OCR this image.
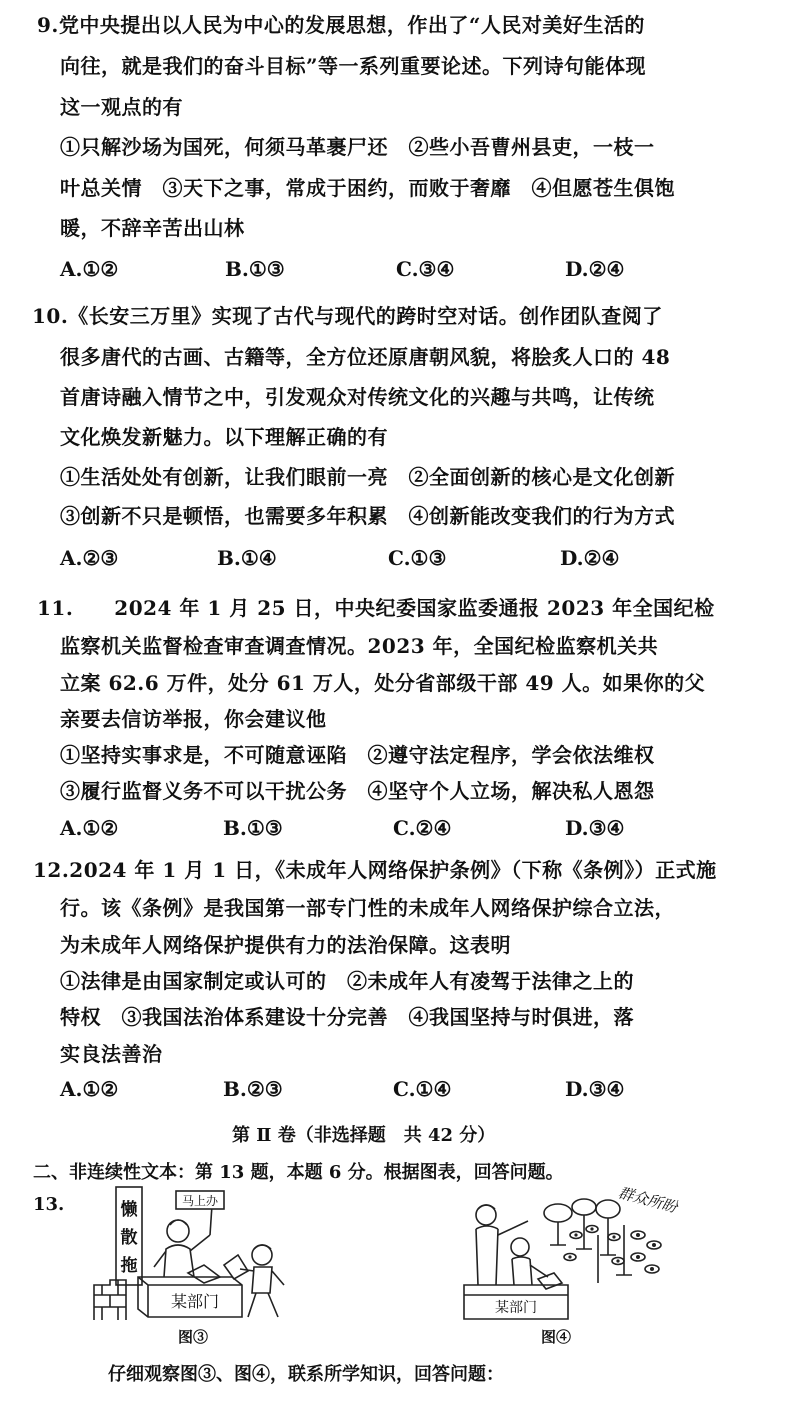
9.党中央提出以人民为中心的发展思想，作出了“人民对美好生活的
向往，就是我们的奋斗目标”等一系列重要论述。下列诗句能体现
这一观点的有
①只解沙场为国死，何须马革裹尸还　②些小吾曹州县吏，一枝一
叶总关情　③天下之事，常成于困约，而败于奢靡　④但愿苍生俱饱
暖，不辞辛苦出山林
A.①②	B.①③	C.③④	D.②④
10.《长安三万里》实现了古代与现代的跨时空对话。创作团队查阅了
很多唐代的古画、古籍等，全方位还原唐朝风貌，将脍炙人口的 48
首唐诗融入情节之中，引发观众对传统文化的兴趣与共鸣，让传统
文化焕发新魅力。以下理解正确的有
①生活处处有创新，让我们眼前一亮　②全面创新的核心是文化创新
③创新不只是顿悟，也需要多年积累　④创新能改变我们的行为方式
A.②③	B.①④	C.①③	D.②④
11.　　2024 年 1 月 25 日，中央纪委国家监委通报 2023 年全国纪检
监察机关监督检查审查调查情况。2023 年，全国纪检监察机关共
立案 62.6 万件，处分 61 万人，处分省部级干部 49 人。如果你的父
亲要去信访举报，你会建议他
①坚持实事求是，不可随意诬陷　②遵守法定程序，学会依法维权
③履行监督义务不可以干扰公务　④坚守个人立场，解决私人恩怨
A.①②	B.①③	C.②④	D.③④
12.2024 年 1 月 1 日，《未成年人网络保护条例》（下称《条例》）正式施
行。该《条例》是我国第一部专门性的未成年人网络保护综合立法，
为未成年人网络保护提供有力的法治保障。这表明
①法律是由国家制定或认可的　②未成年人有凌驾于法律之上的
特权　③我国法治体系建设十分完善　④我国坚持与时俱进，落
实良法善治
A.①②	B.②③	C.①④	D.③④
第 Ⅱ 卷（非选择题　共 42 分）
二、非连续性文本：第 13 题，本题 6 分。根据图表，回答问题。
13.	懒
散
拖
马上办
某部门
图③
群众所盼
某部门
图④
仔细观察图③、图④，联系所学知识，回答问题：
